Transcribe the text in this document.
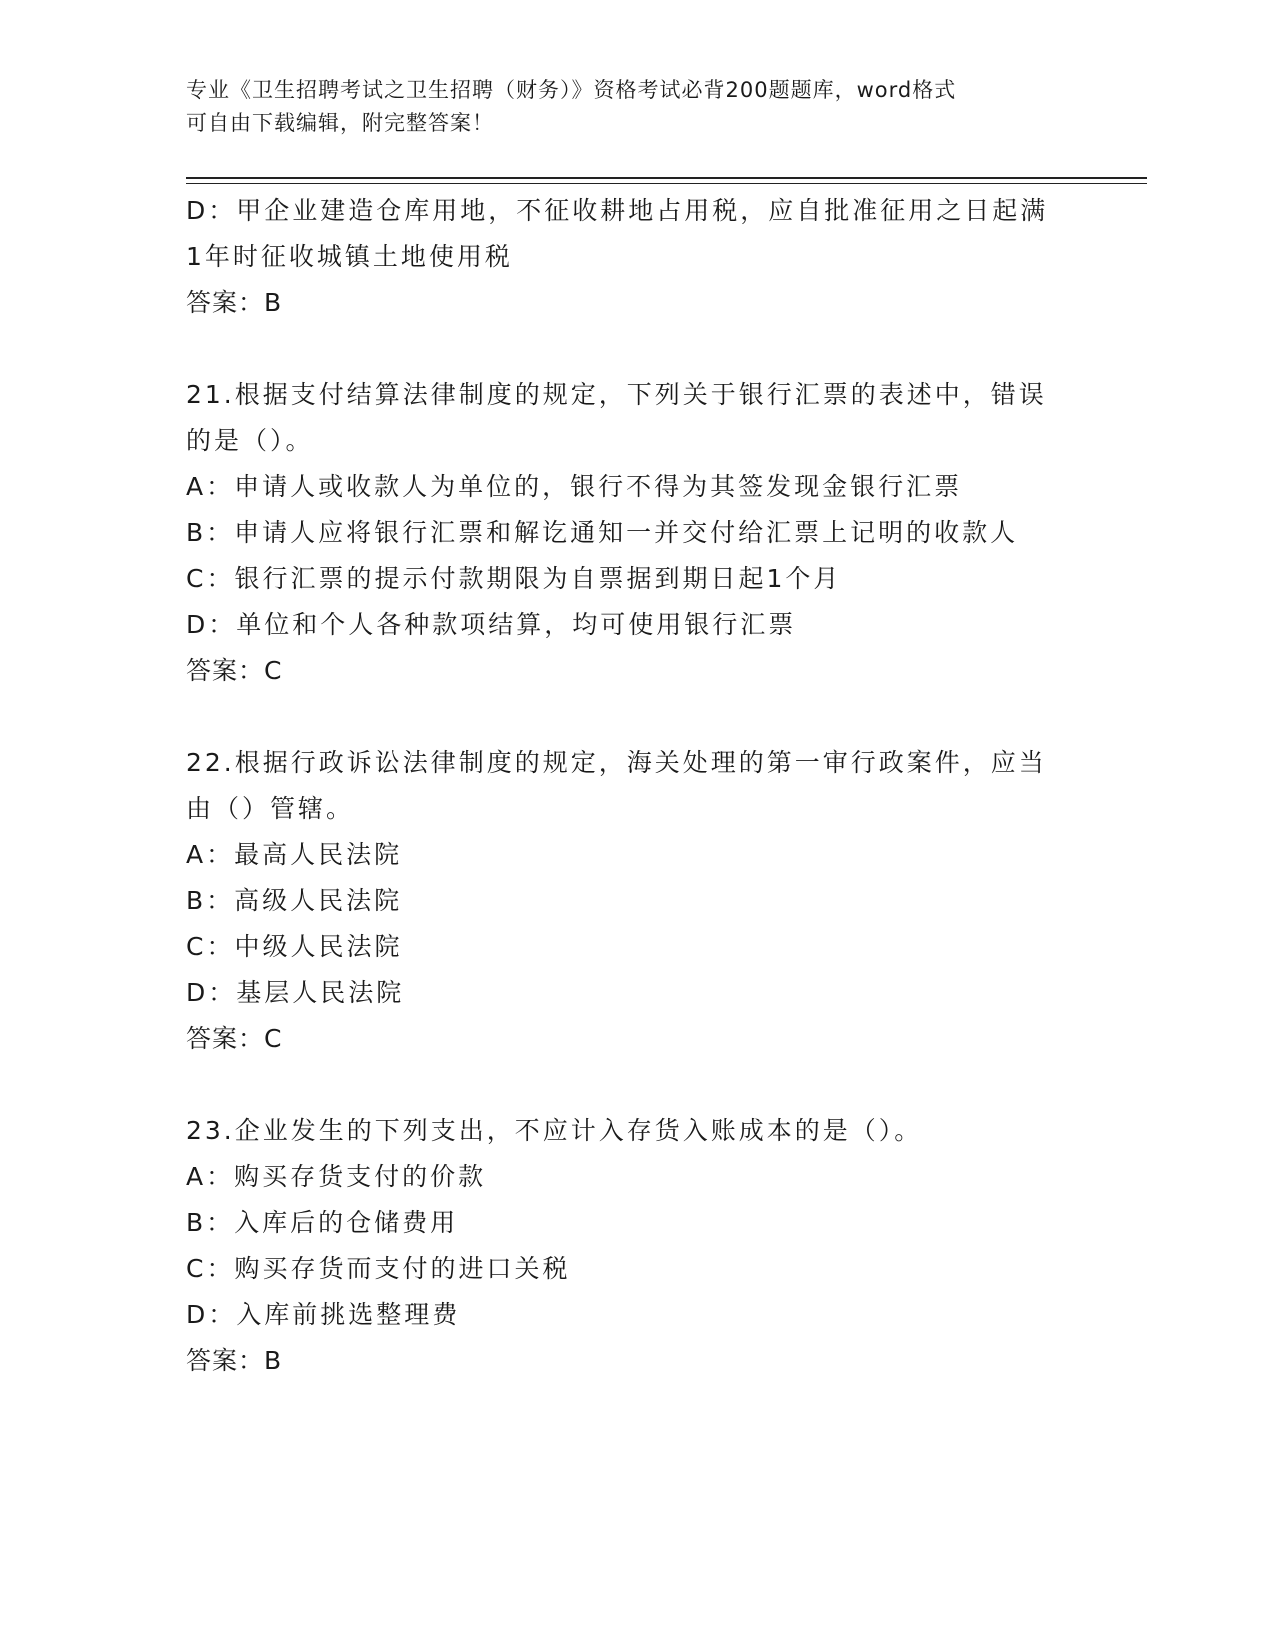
专业《卫生招聘考试之卫生招聘（财务）》资格考试必背200题题库，word格式
可自由下载编辑，附完整答案！
D：甲企业建造仓库用地，不征收耕地占用税，应自批准征用之日起满
1年时征收城镇土地使用税
答案：B
21.根据支付结算法律制度的规定，下列关于银行汇票的表述中，错误
的是（）。
A：申请人或收款人为单位的，银行不得为其签发现金银行汇票
B：申请人应将银行汇票和解讫通知一并交付给汇票上记明的收款人
C：银行汇票的提示付款期限为自票据到期日起1个月
D：单位和个人各种款项结算，均可使用银行汇票
答案：C
22.根据行政诉讼法律制度的规定，海关处理的第一审行政案件，应当
由（）管辖。
A：最高人民法院
B：高级人民法院
C：中级人民法院
D：基层人民法院
答案：C
23.企业发生的下列支出，不应计入存货入账成本的是（）。
A：购买存货支付的价款
B：入库后的仓储费用
C：购买存货而支付的进口关税
D：入库前挑选整理费
答案：B
